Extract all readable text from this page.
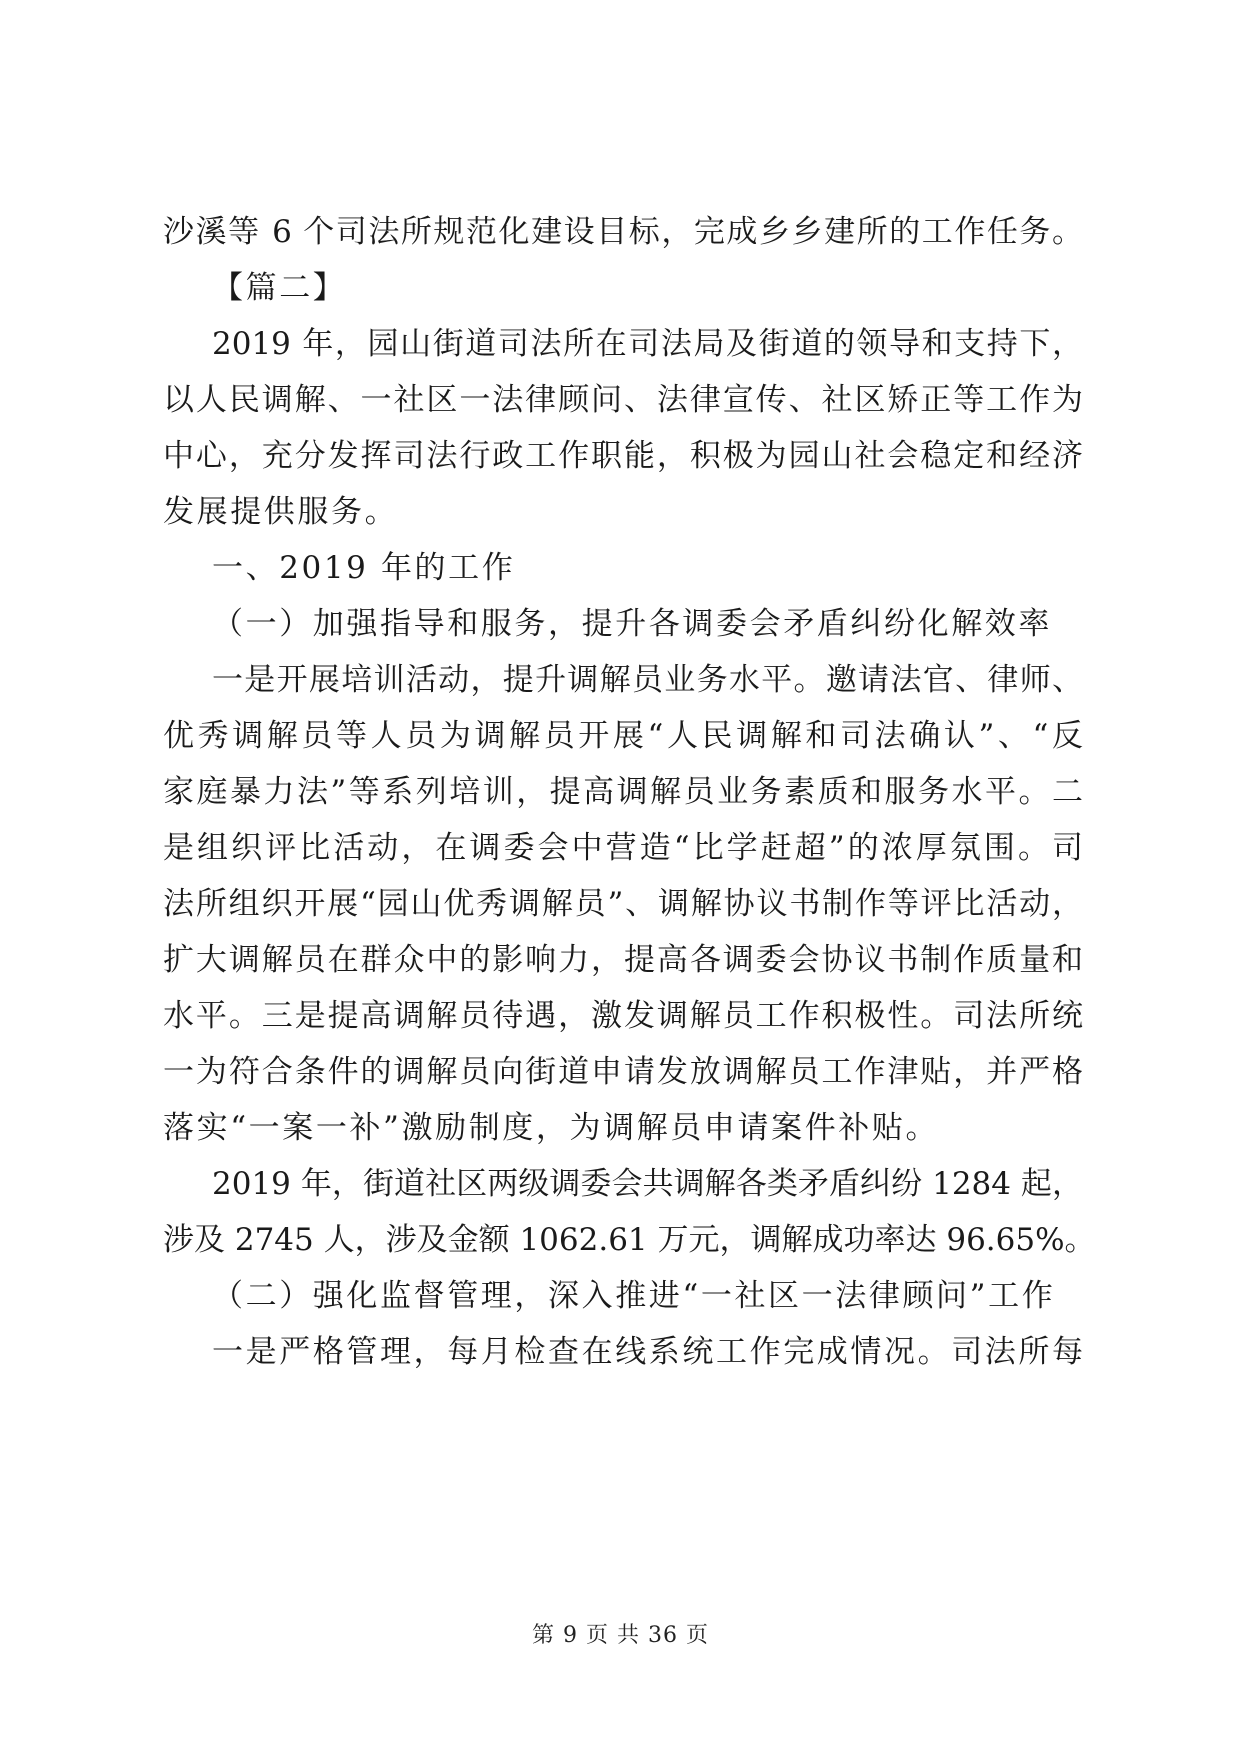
沙溪等 6 个司法所规范化建设目标，完成乡乡建所的工作任务。
【篇二】
2019 年，园山街道司法所在司法局及街道的领导和支持下，
以人民调解、一社区一法律顾问、法律宣传、社区矫正等工作为
中心，充分发挥司法行政工作职能，积极为园山社会稳定和经济
发展提供服务。
一、2019 年的工作
（一）加强指导和服务，提升各调委会矛盾纠纷化解效率
一是开展培训活动，提升调解员业务水平。邀请法官、律师、
优秀调解员等人员为调解员开展“人民调解和司法确认”、“反
家庭暴力法”等系列培训，提高调解员业务素质和服务水平。二
是组织评比活动，在调委会中营造“比学赶超”的浓厚氛围。司
法所组织开展“园山优秀调解员”、调解协议书制作等评比活动，
扩大调解员在群众中的影响力，提高各调委会协议书制作质量和
水平。三是提高调解员待遇，激发调解员工作积极性。司法所统
一为符合条件的调解员向街道申请发放调解员工作津贴，并严格
落实“一案一补”激励制度，为调解员申请案件补贴。
2019 年，街道社区两级调委会共调解各类矛盾纠纷 1284 起，
涉及 2745 人，涉及金额 1062.61 万元，调解成功率达 96.65%。
（二）强化监督管理，深入推进“一社区一法律顾问”工作
一是严格管理，每月检查在线系统工作完成情况。司法所每
第 9 页 共 36 页
